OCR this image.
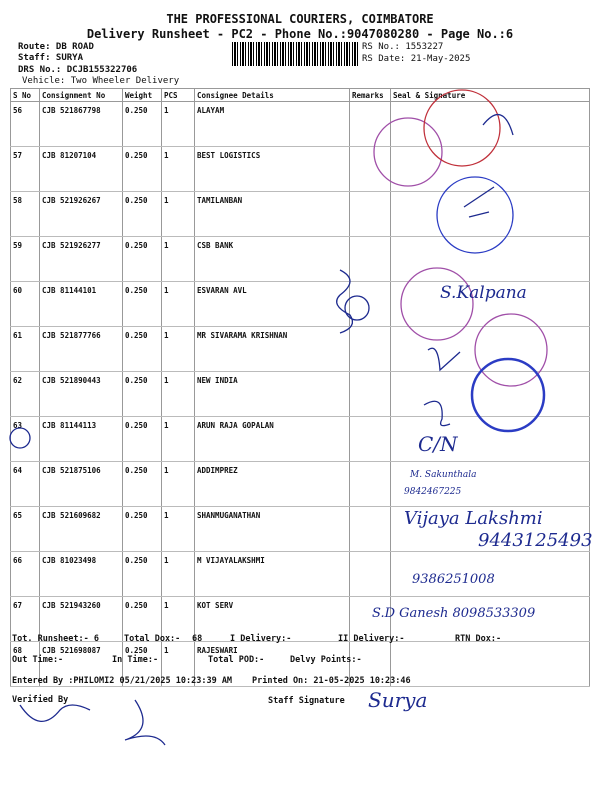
THE PROFESSIONAL COURIERS, COIMBATORE
Delivery Runsheet - PC2 - Phone No.:9047080280 - Page No.:6
Route: DB ROAD
Staff: SURYA
DRS No.: DCJB155322706
Vehicle: Two Wheeler Delivery
RS No.: 1553227
RS Date: 21-May-2025
S No	Consignment No	Weight	PCS	Consignee Details	Remarks	Seal & Signature
56	CJB 521867798	0.250	1	ALAYAM		
57	CJB 81207104	0.250	1	BEST LOGISTICS		
58	CJB 521926267	0.250	1	TAMILANBAN		
59	CJB 521926277	0.250	1	CSB BANK		
60	CJB 81144101	0.250	1	ESVARAN AVL		
61	CJB 521877766	0.250	1	MR SIVARAMA KRISHNAN		
62	CJB 521890443	0.250	1	NEW INDIA		
63	CJB 81144113	0.250	1	ARUN RAJA GOPALAN		
64	CJB 521875106	0.250	1	ADDIMPREZ		
65	CJB 521609682	0.250	1	SHANMUGANATHAN		
66	CJB 81023498	0.250	1	M VIJAYALAKSHMI		
67	CJB 521943260	0.250	1	KOT SERV		
68	CJB 521698087	0.250	1	RAJESWARI		
S.Kalpana
C/N
M. Sakunthala
9842467225
Vijaya Lakshmi
9443125493
9386251008
S.D Ganesh 8098533309
Tot. Runsheet:- 6	Total Dox:- 68	I Delivery:-	II Delivery:-	RTN Dox:-
Out Time:-	In Time:-	Total POD:-	Delvy Points:-
Entered By :PHILOMI2 05/21/2025 10:23:39 AM Printed On: 21-05-2025 10:23:46
Verified By	Staff Signature Surya
